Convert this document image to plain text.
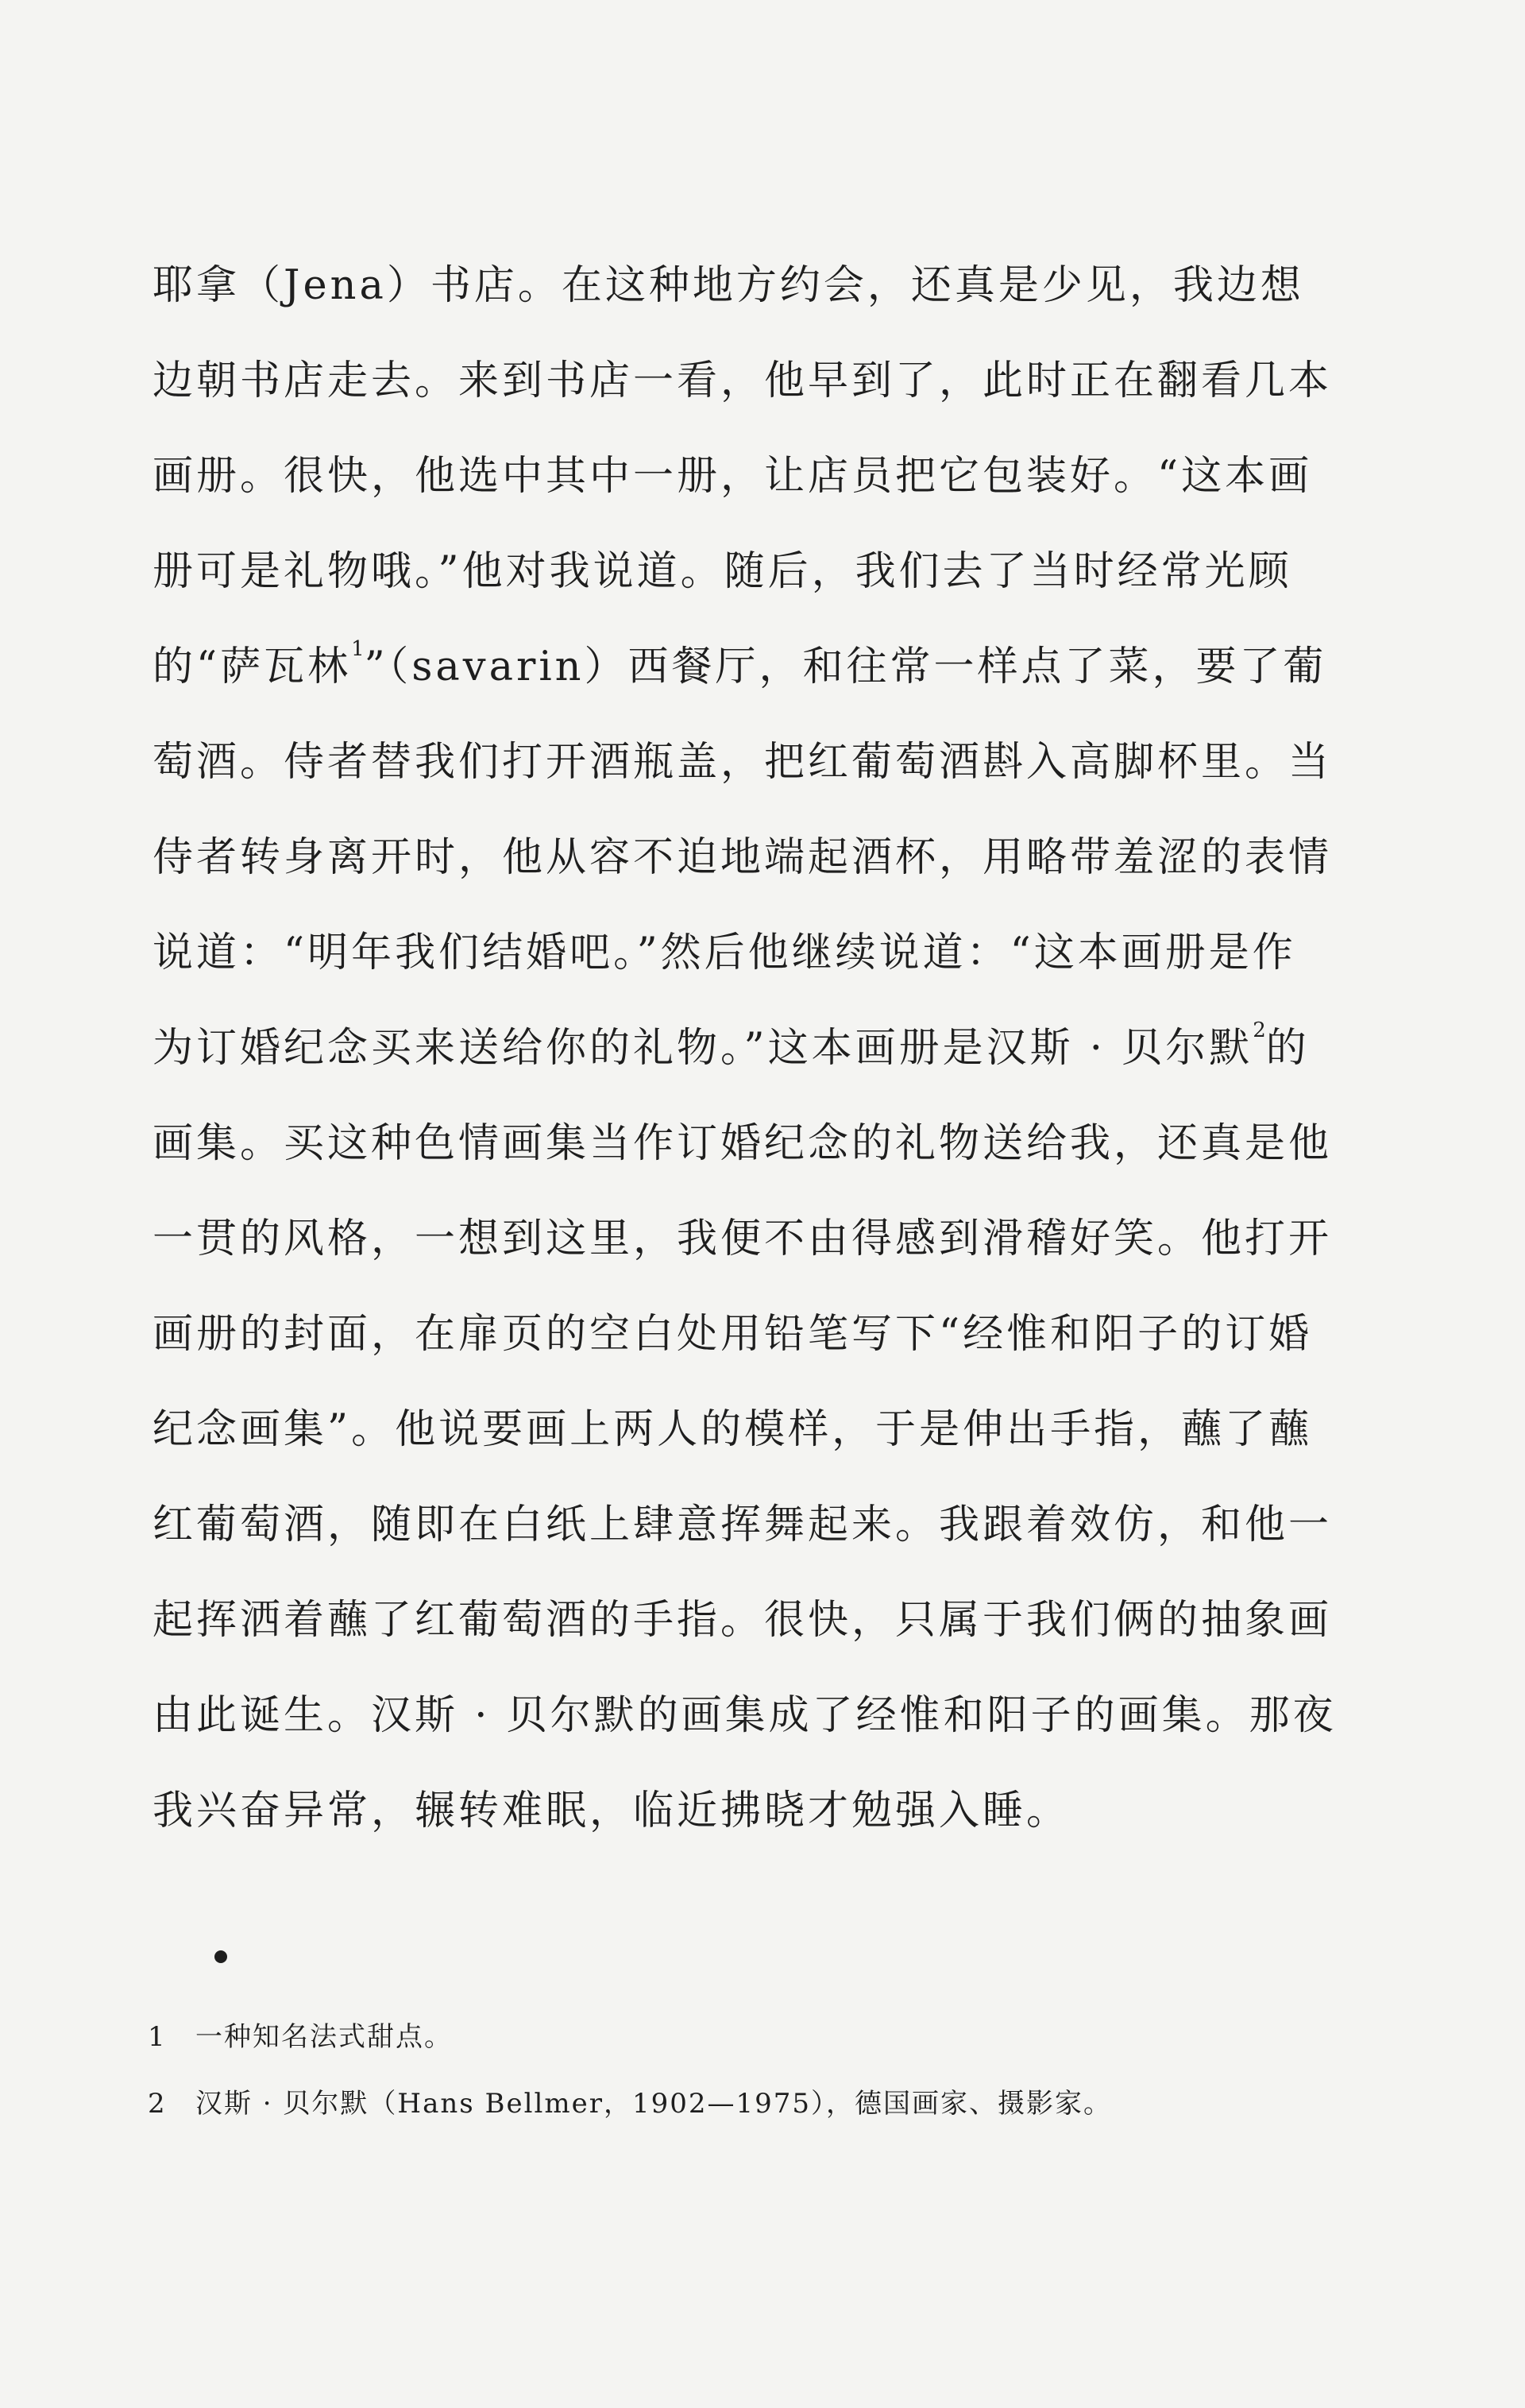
耶拿（Jena）书店。在这种地方约会，还真是少见，我边想
边朝书店走去。来到书店一看，他早到了，此时正在翻看几本
画册。很快，他选中其中一册，让店员把它包装好。“这本画
册可是礼物哦。”他对我说道。随后，我们去了当时经常光顾
的“萨瓦林$^1$”（savarin）西餐厅，和往常一样点了菜，要了葡
萄酒。侍者替我们打开酒瓶盖，把红葡萄酒斟入高脚杯里。当
侍者转身离开时，他从容不迫地端起酒杯，用略带羞涩的表情
说道：“明年我们结婚吧。”然后他继续说道：“这本画册是作
为订婚纪念买来送给你的礼物。”这本画册是汉斯 · 贝尔默$^2$的
画集。买这种色情画集当作订婚纪念的礼物送给我，还真是他
一贯的风格，一想到这里，我便不由得感到滑稽好笑。他打开
画册的封面，在扉页的空白处用铅笔写下“经惟和阳子的订婚
纪念画集”。他说要画上两人的模样，于是伸出手指，蘸了蘸
红葡萄酒，随即在白纸上肆意挥舞起来。我跟着效仿，和他一
起挥洒着蘸了红葡萄酒的手指。很快，只属于我们俩的抽象画
由此诞生。汉斯 · 贝尔默的画集成了经惟和阳子的画集。那夜
我兴奋异常，辗转难眠，临近拂晓才勉强入睡。
1 一种知名法式甜点。
2 汉斯 · 贝尔默（Hans Bellmer，1902—1975），德国画家、摄影家。
